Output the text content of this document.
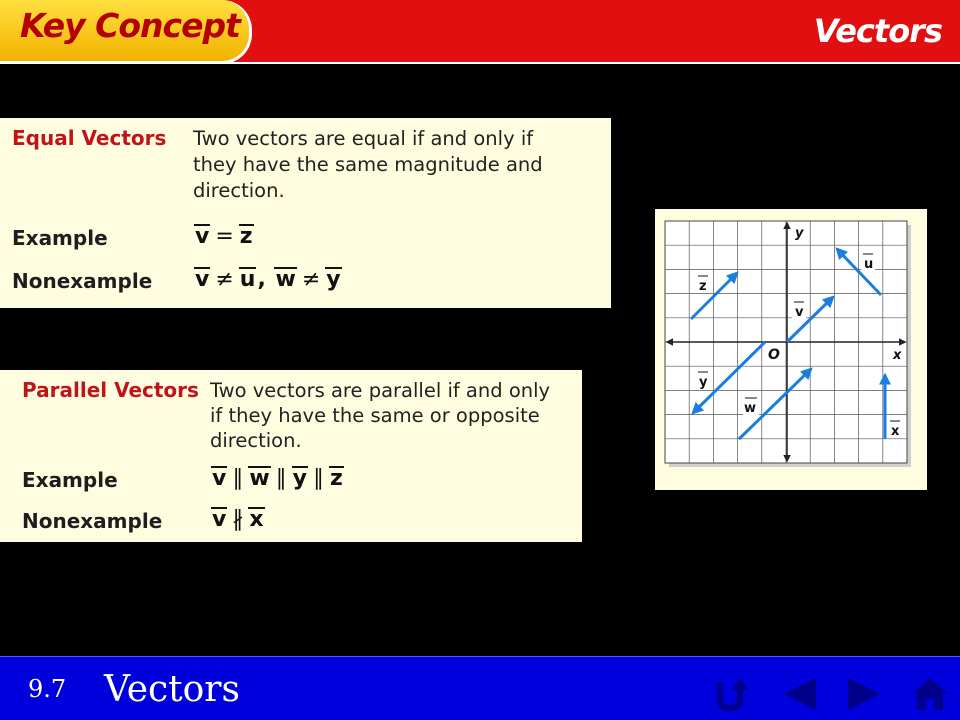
Key Concept	Vectors
Equal Vectors Two vectors are equal if and only if
they have the same magnitude and
direction.
Example	v = z
Nonexample v ≠ u, w ≠ y
Parallel Vectors Two vectors are parallel if and only
if they have the same or opposite
direction.
Example	v ∥ w ∥ y ∥ z
Nonexample v ∦ x
y
x
O
u
z
v
y
w
x
9.7 Vectors
